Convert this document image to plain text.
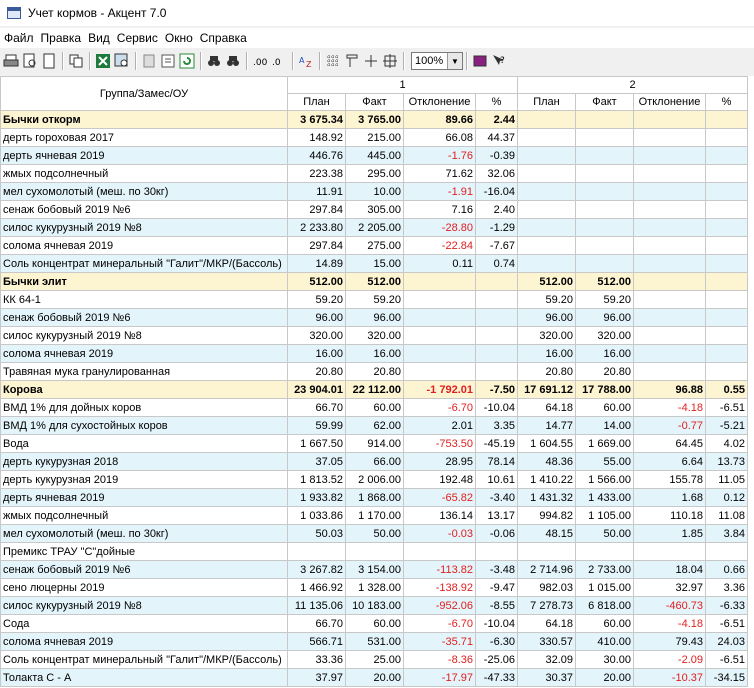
Учет кормов - Акцент 7.0
Файл Правка Вид Сервис Окно Справка
.00 .0 A Z	100% ▼	?
Группа/Замес/ОУ	1				2			
	План	Факт	Отклонение	%	План	Факт	Отклонение	%
Бычки откорм	3 675.34	3 765.00	89.66	2.44				
дерть гороховая 2017	148.92	215.00	66.08	44.37				
дерть ячневая 2019	446.76	445.00	-1.76	-0.39				
жмых подсолнечный	223.38	295.00	71.62	32.06				
мел сухомолотый (меш. по 30кг)	11.91	10.00	-1.91	-16.04				
сенаж бобовый 2019 №6	297.84	305.00	7.16	2.40				
силос кукурузный 2019 №8	2 233.80	2 205.00	-28.80	-1.29				
солома ячневая 2019	297.84	275.00	-22.84	-7.67				
Соль концентрат минеральный "Галит"/МКР/(Бассоль)	14.89	15.00	0.11	0.74				
Бычки элит	512.00	512.00			512.00	512.00		
КК 64-1	59.20	59.20			59.20	59.20		
сенаж бобовый 2019 №6	96.00	96.00			96.00	96.00		
силос кукурузный 2019 №8	320.00	320.00			320.00	320.00		
солома ячневая 2019	16.00	16.00			16.00	16.00		
Травяная мука гранулированная	20.80	20.80			20.80	20.80		
Корова	23 904.01	22 112.00	-1 792.01	-7.50	17 691.12	17 788.00	96.88	0.55
ВМД 1% для дойных коров	66.70	60.00	-6.70	-10.04	64.18	60.00	-4.18	-6.51
ВМД 1% для сухостойных коров	59.99	62.00	2.01	3.35	14.77	14.00	-0.77	-5.21
Вода	1 667.50	914.00	-753.50	-45.19	1 604.55	1 669.00	64.45	4.02
дерть кукурузная 2018	37.05	66.00	28.95	78.14	48.36	55.00	6.64	13.73
дерть кукурузная 2019	1 813.52	2 006.00	192.48	10.61	1 410.22	1 566.00	155.78	11.05
дерть ячневая 2019	1 933.82	1 868.00	-65.82	-3.40	1 431.32	1 433.00	1.68	0.12
жмых подсолнечный	1 033.86	1 170.00	136.14	13.17	994.82	1 105.00	110.18	11.08
мел сухомолотый (меш. по 30кг)	50.03	50.00	-0.03	-0.06	48.15	50.00	1.85	3.84
Премикс ТРАУ "С"дойные								
сенаж бобовый 2019 №6	3 267.82	3 154.00	-113.82	-3.48	2 714.96	2 733.00	18.04	0.66
сено люцерны 2019	1 466.92	1 328.00	-138.92	-9.47	982.03	1 015.00	32.97	3.36
силос кукурузный 2019 №8	11 135.06	10 183.00	-952.06	-8.55	7 278.73	6 818.00	-460.73	-6.33
Сода	66.70	60.00	-6.70	-10.04	64.18	60.00	-4.18	-6.51
солома ячневая 2019	566.71	531.00	-35.71	-6.30	330.57	410.00	79.43	24.03
Соль концентрат минеральный "Галит"/МКР/(Бассоль)	33.36	25.00	-8.36	-25.06	32.09	30.00	-2.09	-6.51
Толакта С - А	37.97	20.00	-17.97	-47.33	30.37	20.00	-10.37	-34.15
